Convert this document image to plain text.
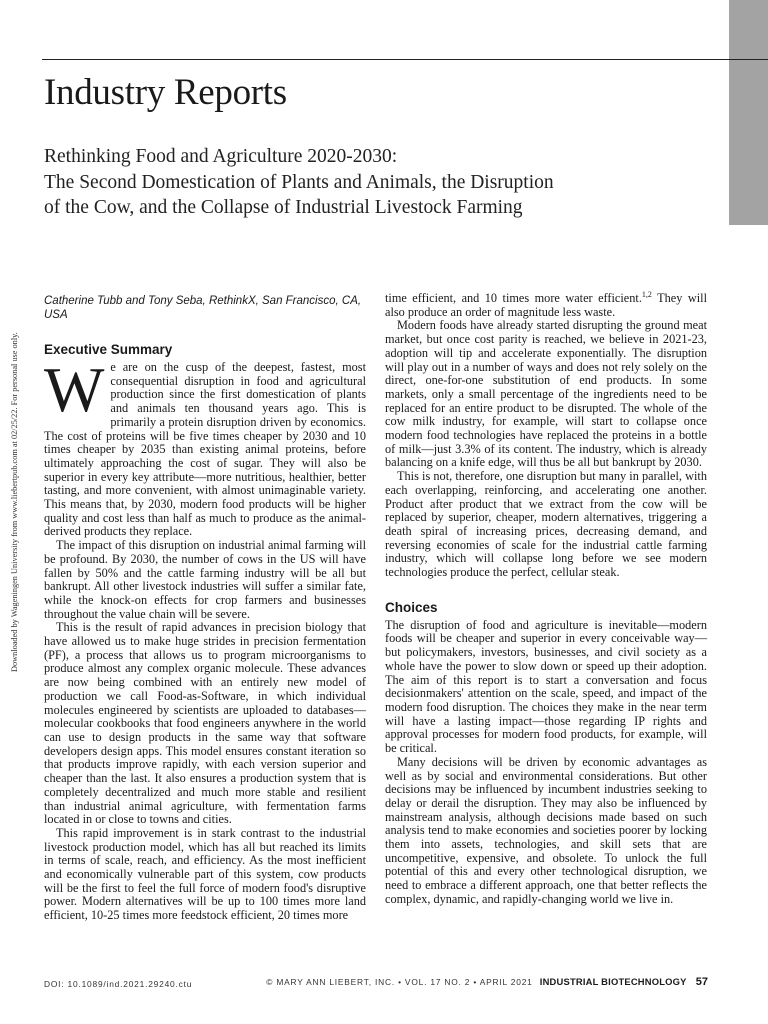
Industry Reports
Rethinking Food and Agriculture 2020-2030:
The Second Domestication of Plants and Animals, the Disruption
of the Cow, and the Collapse of Industrial Livestock Farming
Downloaded by Wageningen University from www.liebertpub.com at 02/25/22. For personal use only.
Catherine Tubb and Tony Seba, RethinkX, San Francisco, CA, USA
Executive Summary

We are on the cusp of the deepest, fastest, most consequential disruption in food and agricultural production since the first domestication of plants and animals ten thousand years ago. This is primarily a protein disruption driven by economics. The cost of proteins will be five times cheaper by 2030 and 10 times cheaper by 2035 than existing animal proteins, before ultimately approaching the cost of sugar. They will also be superior in every key attribute—more nutritious, healthier, better tasting, and more convenient, with almost unimaginable variety. This means that, by 2030, modern food products will be higher quality and cost less than half as much to produce as the animal-derived products they replace.

The impact of this disruption on industrial animal farming will be profound. By 2030, the number of cows in the US will have fallen by 50% and the cattle farming industry will be all but bankrupt. All other livestock industries will suffer a similar fate, while the knock-on effects for crop farmers and businesses throughout the value chain will be severe.

This is the result of rapid advances in precision biology that have allowed us to make huge strides in precision fermentation (PF), a process that allows us to program microorganisms to produce almost any complex organic molecule. These advances are now being combined with an entirely new model of production we call Food-as-Software, in which individual molecules engineered by scientists are uploaded to databases—molecular cookbooks that food engineers anywhere in the world can use to design products in the same way that software developers design apps. This model ensures constant iteration so that products improve rapidly, with each version superior and cheaper than the last. It also ensures a production system that is completely decentralized and much more stable and resilient than industrial animal agriculture, with fermentation farms located in or close to towns and cities.

This rapid improvement is in stark contrast to the industrial livestock production model, which has all but reached its limits in terms of scale, reach, and efficiency. As the most inefficient and economically vulnerable part of this system, cow products will be the first to feel the full force of modern food's disruptive power. Modern alternatives will be up to 100 times more land efficient, 10-25 times more feedstock efficient, 20 times more

time efficient, and 10 times more water efficient.$^{1,2}$ They will also produce an order of magnitude less waste.

Modern foods have already started disrupting the ground meat market, but once cost parity is reached, we believe in 2021-23, adoption will tip and accelerate exponentially. The disruption will play out in a number of ways and does not rely solely on the direct, one-for-one substitution of end products. In some markets, only a small percentage of the ingredients need to be replaced for an entire product to be disrupted. The whole of the cow milk industry, for example, will start to collapse once modern food technologies have replaced the proteins in a bottle of milk—just 3.3% of its content. The industry, which is already balancing on a knife edge, will thus be all but bankrupt by 2030.

This is not, therefore, one disruption but many in parallel, with each overlapping, reinforcing, and accelerating one another. Product after product that we extract from the cow will be replaced by superior, cheaper, modern alternatives, triggering a death spiral of increasing prices, decreasing demand, and reversing economies of scale for the industrial cattle farming industry, which will collapse long before we see modern technologies produce the perfect, cellular steak.

Choices

The disruption of food and agriculture is inevitable—modern foods will be cheaper and superior in every conceivable way—but policymakers, investors, businesses, and civil society as a whole have the power to slow down or speed up their adoption. The aim of this report is to start a conversation and focus decisionmakers' attention on the scale, speed, and impact of the modern food disruption. The choices they make in the near term will have a lasting impact—those regarding IP rights and approval processes for modern food products, for example, will be critical.

Many decisions will be driven by economic advantages as well as by social and environmental considerations. But other decisions may be influenced by incumbent industries seeking to delay or derail the disruption. They may also be influenced by mainstream analysis, although decisions made based on such analysis tend to make economies and societies poorer by locking them into assets, technologies, and skill sets that are uncompetitive, expensive, and obsolete. To unlock the full potential of this and every other technological disruption, we need to embrace a different approach, one that better reflects the complex, dynamic, and rapidly-changing world we live in.

DOI: 10.1089/ind.2021.29240.ctu	© MARY ANN LIEBERT, INC. • VOL. 17 NO. 2 • APRIL 2021 INDUSTRIAL BIOTECHNOLOGY 57
